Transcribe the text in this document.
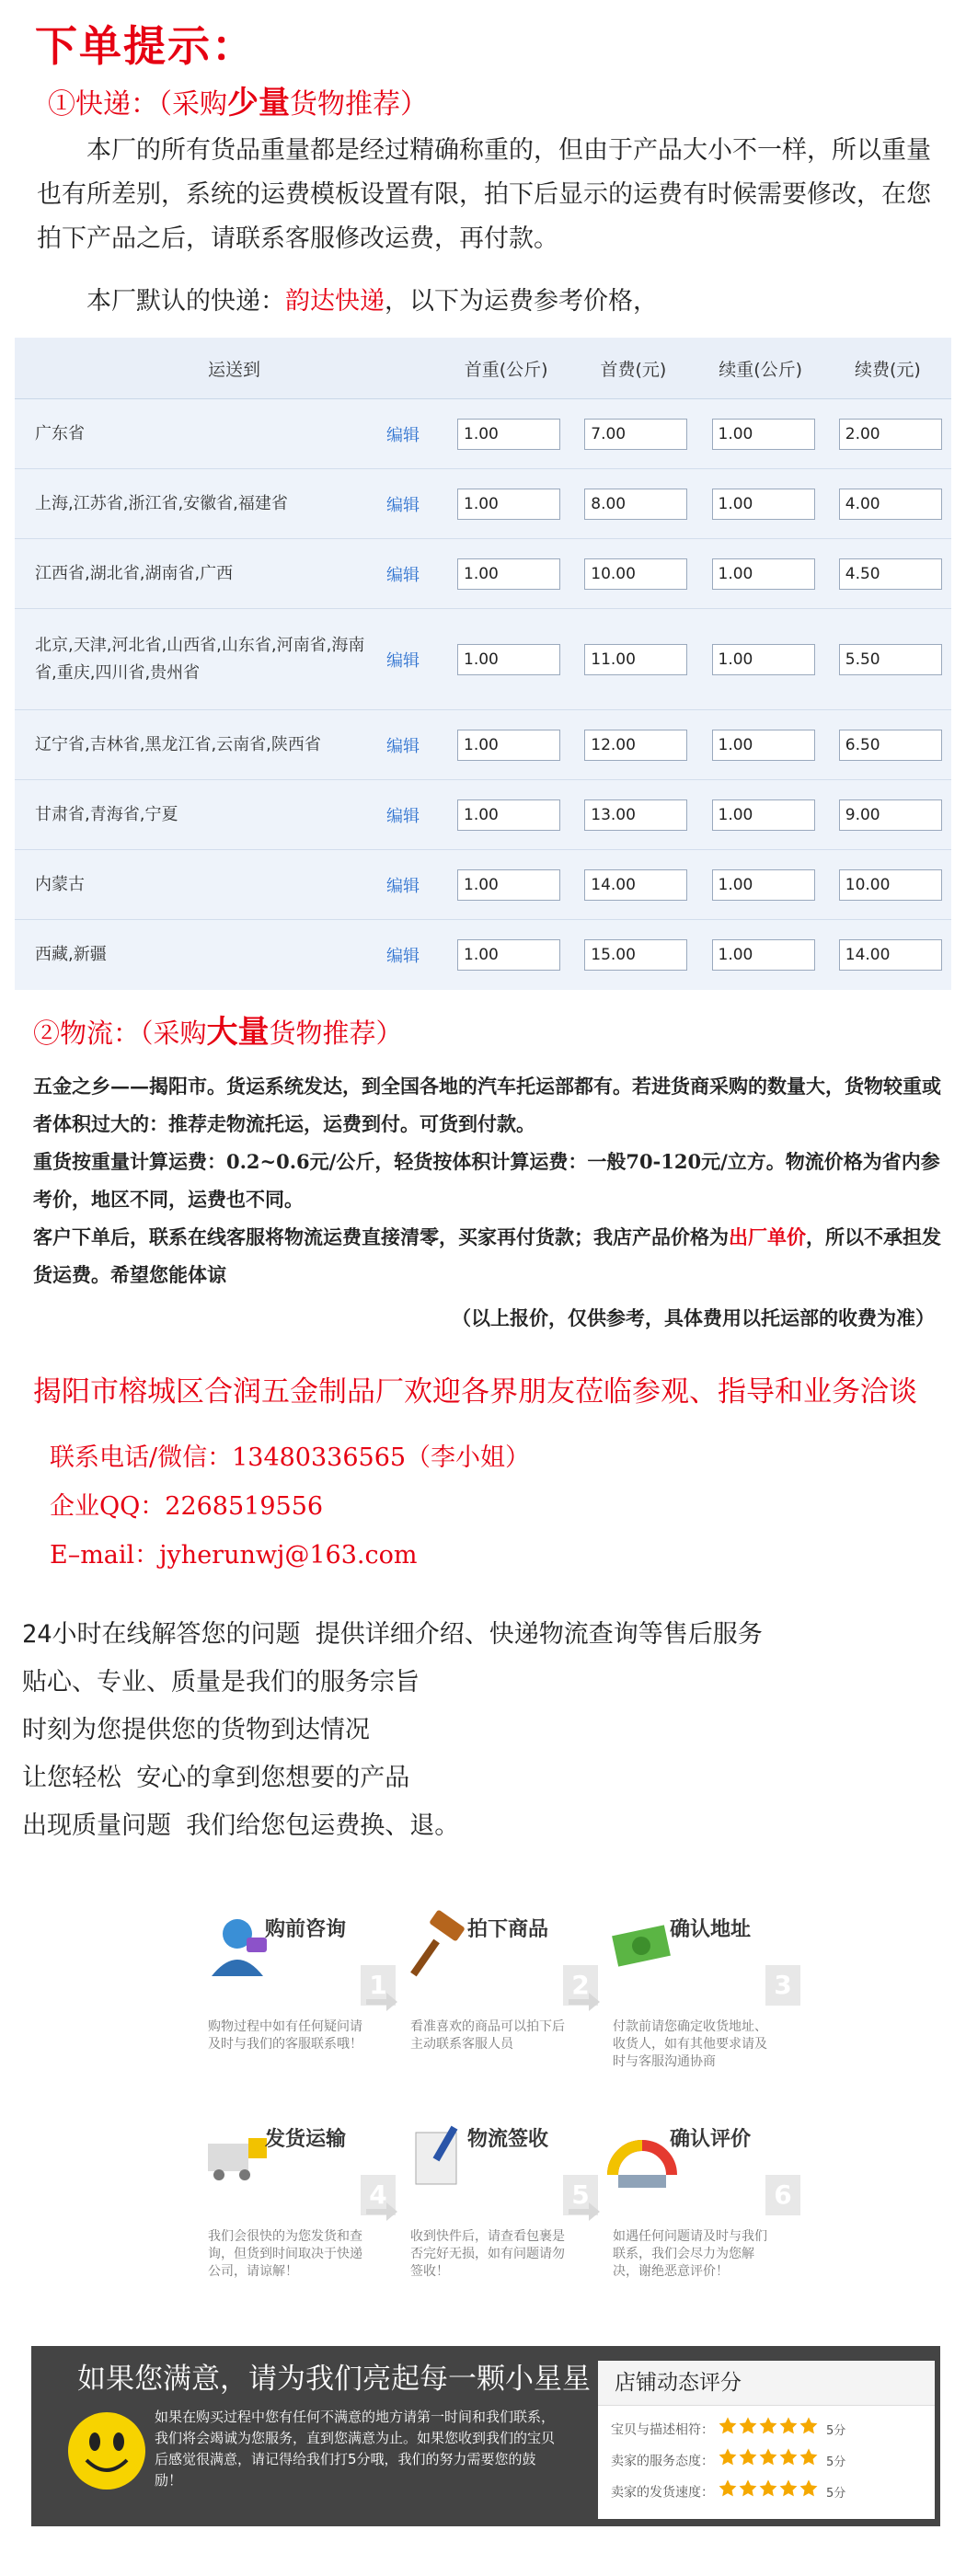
下单提示：
①快递：（采购少量货物推荐）
本厂的所有货品重量都是经过精确称重的，但由于产品大小不一样，所以重量也有所差别，系统的运费模板设置有限，拍下后显示的运费有时候需要修改，在您拍下产品之后，请联系客服修改运费，再付款。
本厂默认的快递：韵达快递，以下为运费参考价格，
运送到		首重(公斤)	首费(元)	续重(公斤)	续费(元)
广东省	编辑	1.00	7.00	1.00	2.00

上海,江苏省,浙江省,安徽省,福建省	编辑	1.00	8.00	1.00	4.00

江西省,湖北省,湖南省,广西	编辑	1.00	10.00	1.00	4.50

北京,天津,河北省,山西省,山东省,河南省,海南省,重庆,四川省,贵州省	编辑	1.00	11.00	1.00	5.50

辽宁省,吉林省,黑龙江省,云南省,陕西省	编辑	1.00	12.00	1.00	6.50

甘肃省,青海省,宁夏	编辑	1.00	13.00	1.00	9.00

内蒙古	编辑	1.00	14.00	1.00	10.00

西藏,新疆	编辑	1.00	15.00	1.00	14.00
②物流：（采购大量货物推荐）
五金之乡——揭阳市。货运系统发达，到全国各地的汽车托运部都有。若进货商采购的数量大，货物较重或者体积过大的：推荐走物流托运，运费到付。可货到付款。
重货按重量计算运费：0.2~0.6元/公斤，轻货按体积计算运费：一般70-120元/立方。物流价格为省内参考价，地区不同，运费也不同。
客户下单后，联系在线客服将物流运费直接清零，买家再付货款；我店产品价格为出厂单价，所以不承担发货运费。希望您能体谅
（以上报价，仅供参考，具体费用以托运部的收费为准）
揭阳市榕城区合润五金制品厂欢迎各界朋友莅临参观、指导和业务洽谈
联系电话/微信：13480336565（李小姐）
企业QQ：2268519556
E–mail：jyherunwj@163.com
24小时在线解答您的问题 提供详细介绍、快递物流查询等售后服务
贴心、专业、质量是我们的服务宗旨
时刻为您提供您的货物到达情况
让您轻松 安心的拿到您想要的产品
出现质量问题 我们给您包运费换、退。
购前咨询
1
购物过程中如有任何疑问请及时与我们的客服联系哦！
拍下商品
2
看准喜欢的商品可以拍下后主动联系客服人员
确认地址
3
付款前请您确定收货地址、收货人，如有其他要求请及时与客服沟通协商
发货运输
4
我们会很快的为您发货和查询，但货到时间取决于快递公司，请谅解！
物流签收
5
收到快件后，请查看包裹是否完好无损，如有问题请勿签收！
确认评价
6
如遇任何问题请及时与我们联系，我们会尽力为您解决，谢绝恶意评价！
如果您满意，请为我们亮起每一颗小星星
如果在购买过程中您有任何不满意的地方请第一时间和我们联系，我们将会竭诚为您服务，直到您满意为止。如果您收到我们的宝贝后感觉很满意，请记得给我们打5分哦，我们的努力需要您的鼓励！
店铺动态评分
宝贝与描述相符：	5分
卖家的服务态度：	5分
卖家的发货速度：	5分
